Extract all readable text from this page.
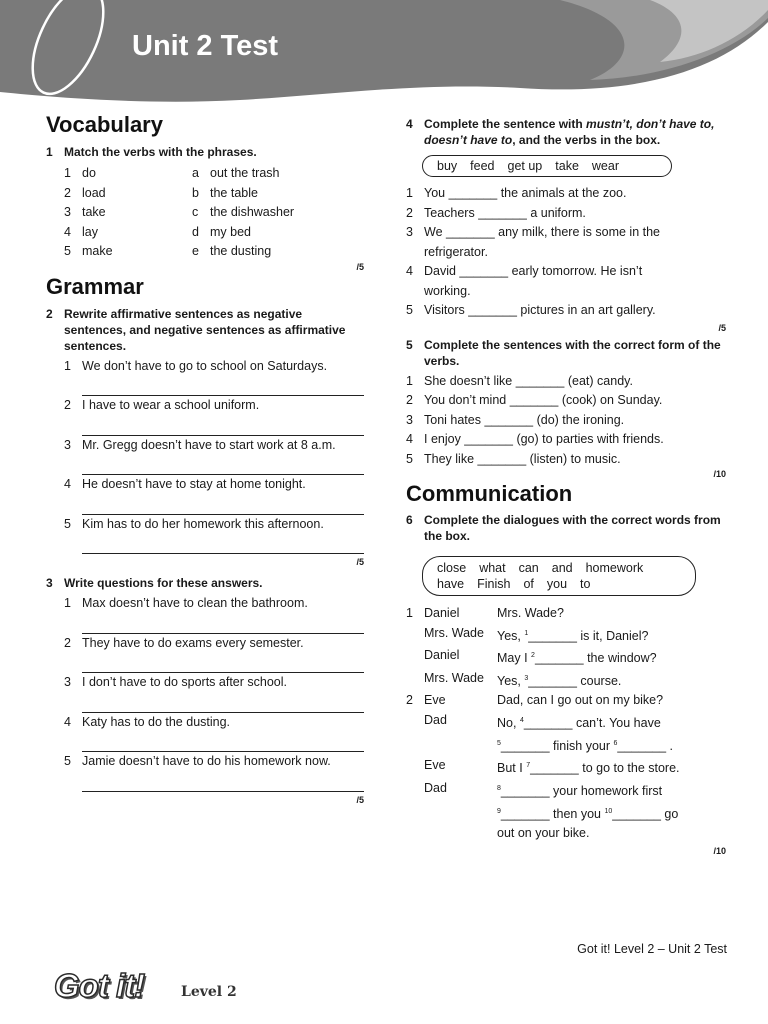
Unit 2 Test
Vocabulary
1 Match the verbs with the phrases.
1 do	a out the trash
2 load	b the table
3 take	c the dishwasher
4 lay	d my bed
5 make	e the dusting
/5
Grammar
2 Rewrite affirmative sentences as negative sentences, and negative sentences as affirmative sentences.
1 We don’t have to go to school on Saturdays.
2 I have to wear a school uniform.
3 Mr. Gregg doesn’t have to start work at 8 a.m.
4 He doesn’t have to stay at home tonight.
5 Kim has to do her homework this afternoon.
/5
3 Write questions for these answers.
1 Max doesn’t have to clean the bathroom.
2 They have to do exams every semester.
3 I don’t have to do sports after school.
4 Katy has to do the dusting.
5 Jamie doesn’t have to do his homework now.
/5
4 Complete the sentence with mustn’t, don’t have to, doesn’t have to, and the verbs in the box.
buy feed get up take wear
1 You _______ the animals at the zoo.
2 Teachers _______ a uniform.
3 We _______ any milk, there is some in the refrigerator.
4 David _______ early tomorrow. He isn’t working.
5 Visitors _______ pictures in an art gallery.
/5
5 Complete the sentences with the correct form of the verbs.
1 She doesn’t like _______ (eat) candy.
2 You don’t mind _______ (cook) on Sunday.
3 Toni hates _______ (do) the ironing.
4 I enjoy _______ (go) to parties with friends.
5 They like _______ (listen) to music.
/10
Communication
6 Complete the dialogues with the correct words from the box.
close what can and homework
have Finish of you to
1 Daniel	Mrs. Wade?
Mrs. Wade	Yes, $^1$_______ is it, Daniel?
Daniel	May I $^2$_______ the window?
Mrs. Wade	Yes, $^3$_______ course.
2 Eve	Dad, can I go out on my bike?
Dad	No, $^4$_______ can’t. You have
$^5$_______ finish your $^6$_______ .
Eve	But I $^7$_______ to go to the store.
Dad	$^8$_______ your homework first
$^9$_______ then you $^{10}$_______ go
out on your bike.
/10
Got it! Level 2 – Unit 2 Test
Got it!	Level 2
